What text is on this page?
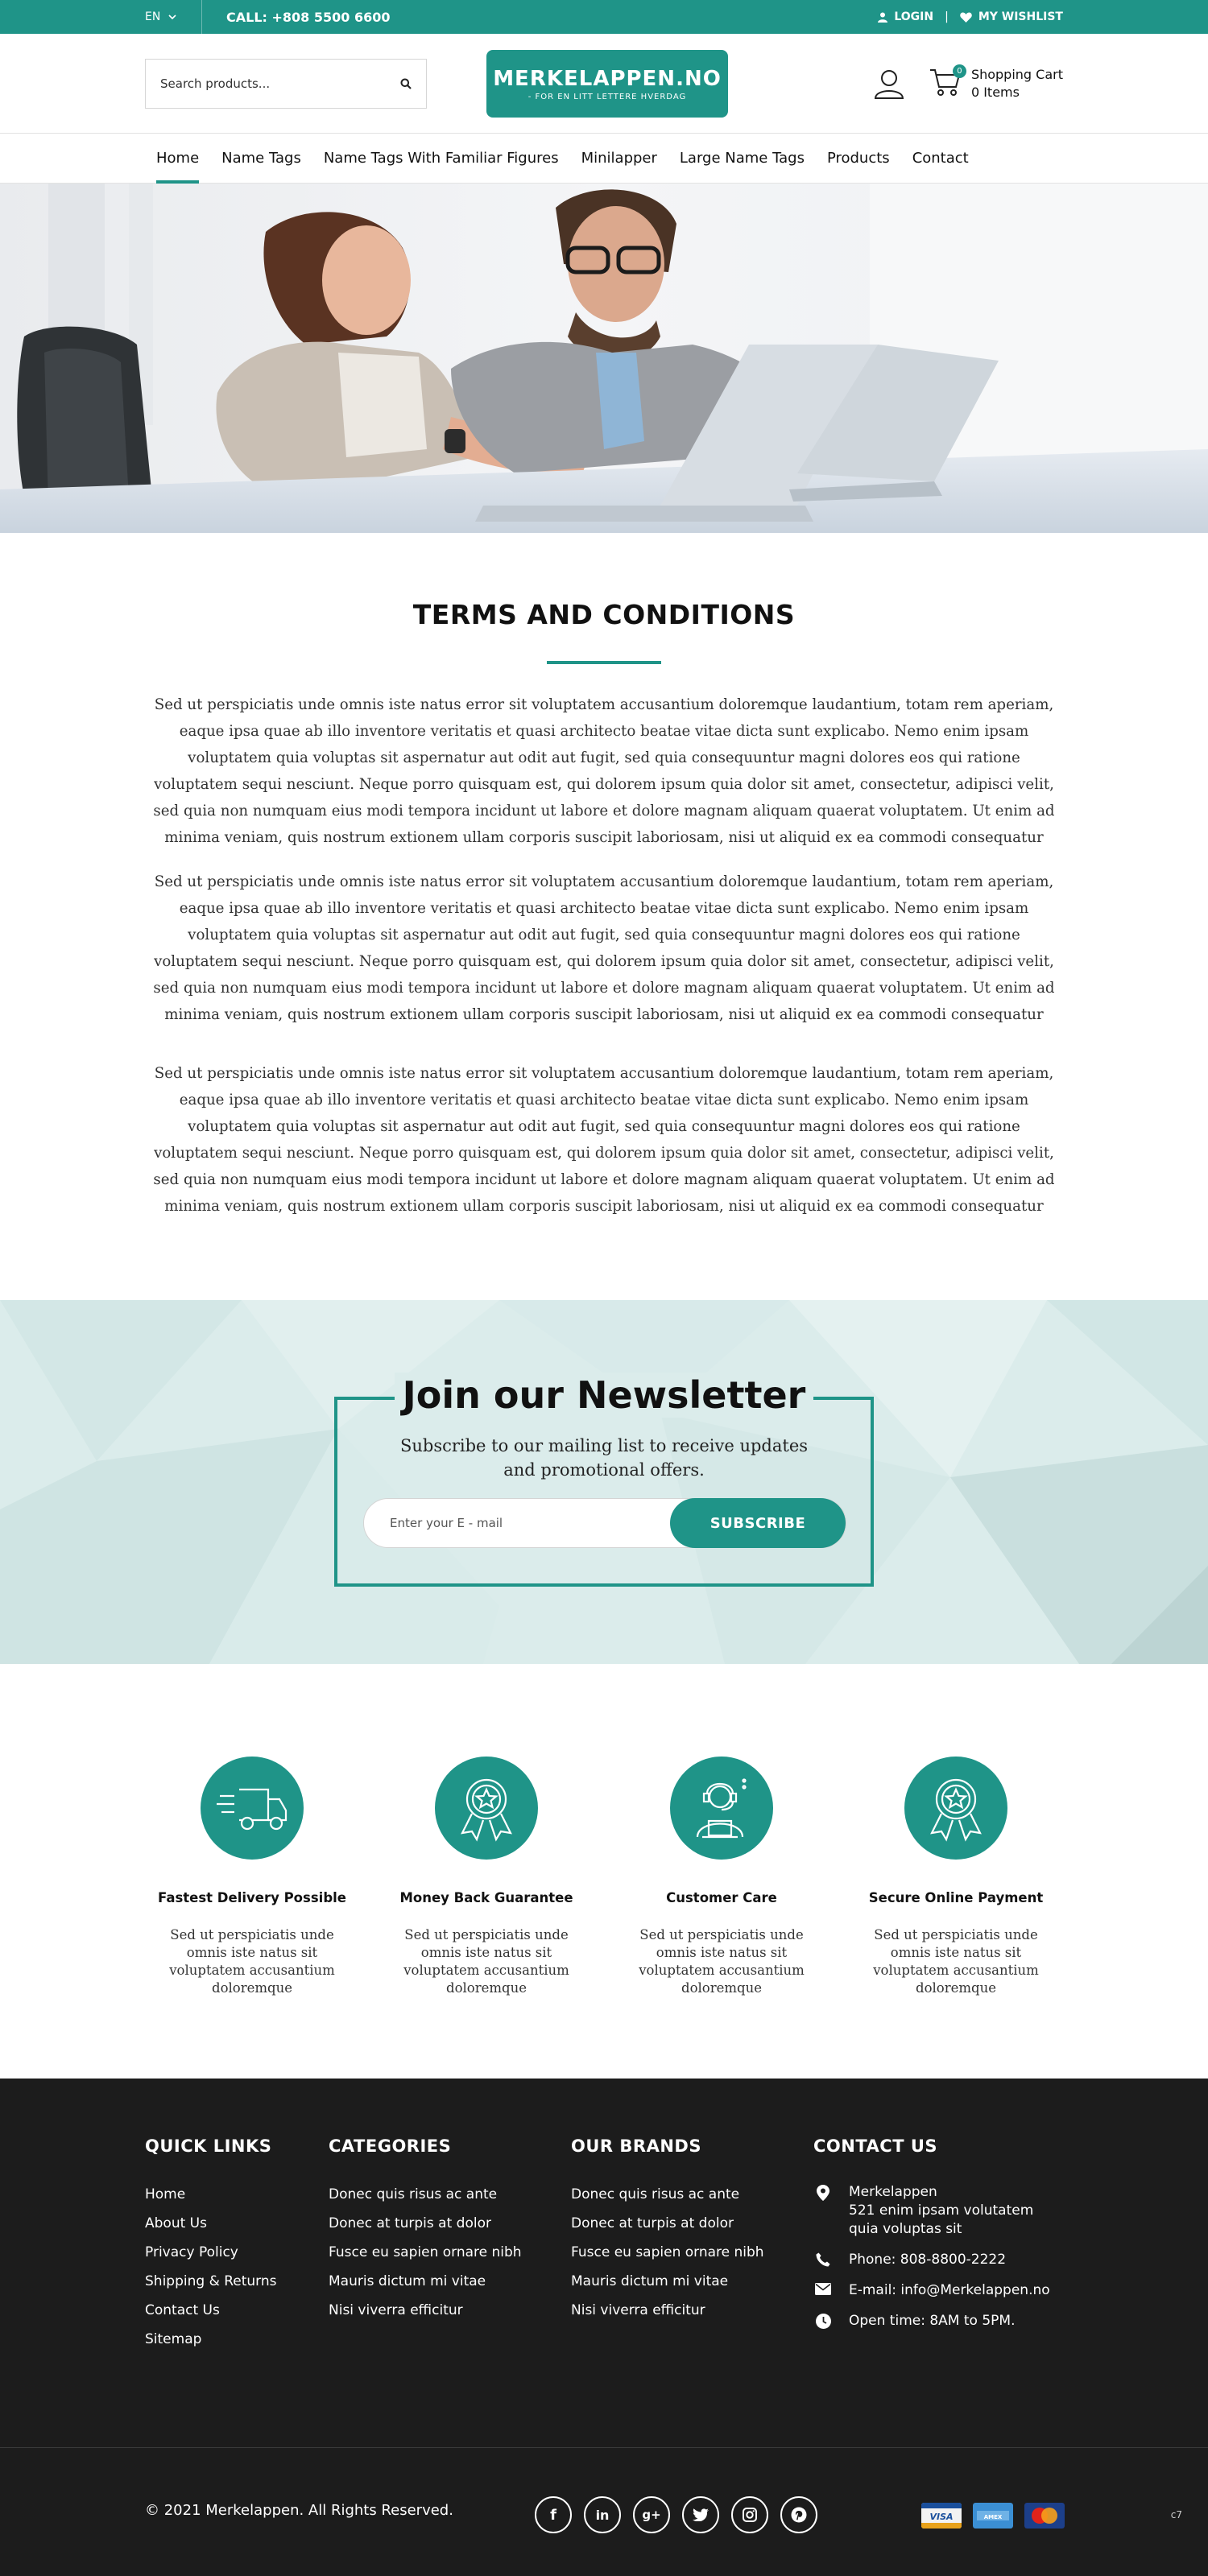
EN	CALL: +808 5500 6600	LOGIN |	MY WISHLIST
Search products...
MERKELAPPEN.NO
- FOR EN LITT LETTERE HVERDAG
0 Shopping Cart
0 Items
Home Name Tags Name Tags With Familiar Figures Minilapper Large Name Tags Products Contact
TERMS AND CONDITIONS

Sed ut perspiciatis unde omnis iste natus error sit voluptatem accusantium doloremque laudantium, totam rem aperiam, eaque ipsa quae ab illo inventore veritatis et quasi architecto beatae vitae dicta sunt explicabo. Nemo enim ipsam voluptatem quia voluptas sit aspernatur aut odit aut fugit, sed quia consequuntur magni dolores eos qui ratione voluptatem sequi nesciunt. Neque porro quisquam est, qui dolorem ipsum quia dolor sit amet, consectetur, adipisci velit, sed quia non numquam eius modi tempora incidunt ut labore et dolore magnam aliquam quaerat voluptatem. Ut enim ad minima veniam, quis nostrum extionem ullam corporis suscipit laboriosam, nisi ut aliquid ex ea commodi consequatur

Sed ut perspiciatis unde omnis iste natus error sit voluptatem accusantium doloremque laudantium, totam rem aperiam, eaque ipsa quae ab illo inventore veritatis et quasi architecto beatae vitae dicta sunt explicabo. Nemo enim ipsam voluptatem quia voluptas sit aspernatur aut odit aut fugit, sed quia consequuntur magni dolores eos qui ratione voluptatem sequi nesciunt. Neque porro quisquam est, qui dolorem ipsum quia dolor sit amet, consectetur, adipisci velit, sed quia non numquam eius modi tempora incidunt ut labore et dolore magnam aliquam quaerat voluptatem. Ut enim ad minima veniam, quis nostrum extionem ullam corporis suscipit laboriosam, nisi ut aliquid ex ea commodi consequatur

Sed ut perspiciatis unde omnis iste natus error sit voluptatem accusantium doloremque laudantium, totam rem aperiam, eaque ipsa quae ab illo inventore veritatis et quasi architecto beatae vitae dicta sunt explicabo. Nemo enim ipsam voluptatem quia voluptas sit aspernatur aut odit aut fugit, sed quia consequuntur magni dolores eos qui ratione voluptatem sequi nesciunt. Neque porro quisquam est, qui dolorem ipsum quia dolor sit amet, consectetur, adipisci velit, sed quia non numquam eius modi tempora incidunt ut labore et dolore magnam aliquam quaerat voluptatem. Ut enim ad minima veniam, quis nostrum extionem ullam corporis suscipit laboriosam, nisi ut aliquid ex ea commodi consequatur

Join our Newsletter
Subscribe to our mailing list to receive updates
and promotional offers.
Enter your E - mail
SUBSCRIBE
Fastest Delivery Possible

Sed ut perspiciatis unde omnis iste natus sit voluptatem accusantium doloremque

Money Back Guarantee

Sed ut perspiciatis unde omnis iste natus sit voluptatem accusantium doloremque

Customer Care

Sed ut perspiciatis unde omnis iste natus sit voluptatem accusantium doloremque

Secure Online Payment

Sed ut perspiciatis unde omnis iste natus sit voluptatem accusantium doloremque

QUICK LINKS
Home
About Us
Privacy Policy
Shipping & Returns
Contact Us
Sitemap
CATEGORIES
Donec quis risus ac ante
Donec at turpis at dolor
Fusce eu sapien ornare nibh
Mauris dictum mi vitae
Nisi viverra efficitur
OUR BRANDS
Donec quis risus ac ante
Donec at turpis at dolor
Fusce eu sapien ornare nibh
Mauris dictum mi vitae
Nisi viverra efficitur
CONTACT US
Merkelappen
521 enim ipsam volutatem
quia voluptas sit
Phone: 808-8800-2222
E-mail: info@Merkelappen.no
Open time: 8AM to 5PM.
© 2021 Merkelappen. All Rights Reserved.	f	in	g+	VISA	AMEX	c7
